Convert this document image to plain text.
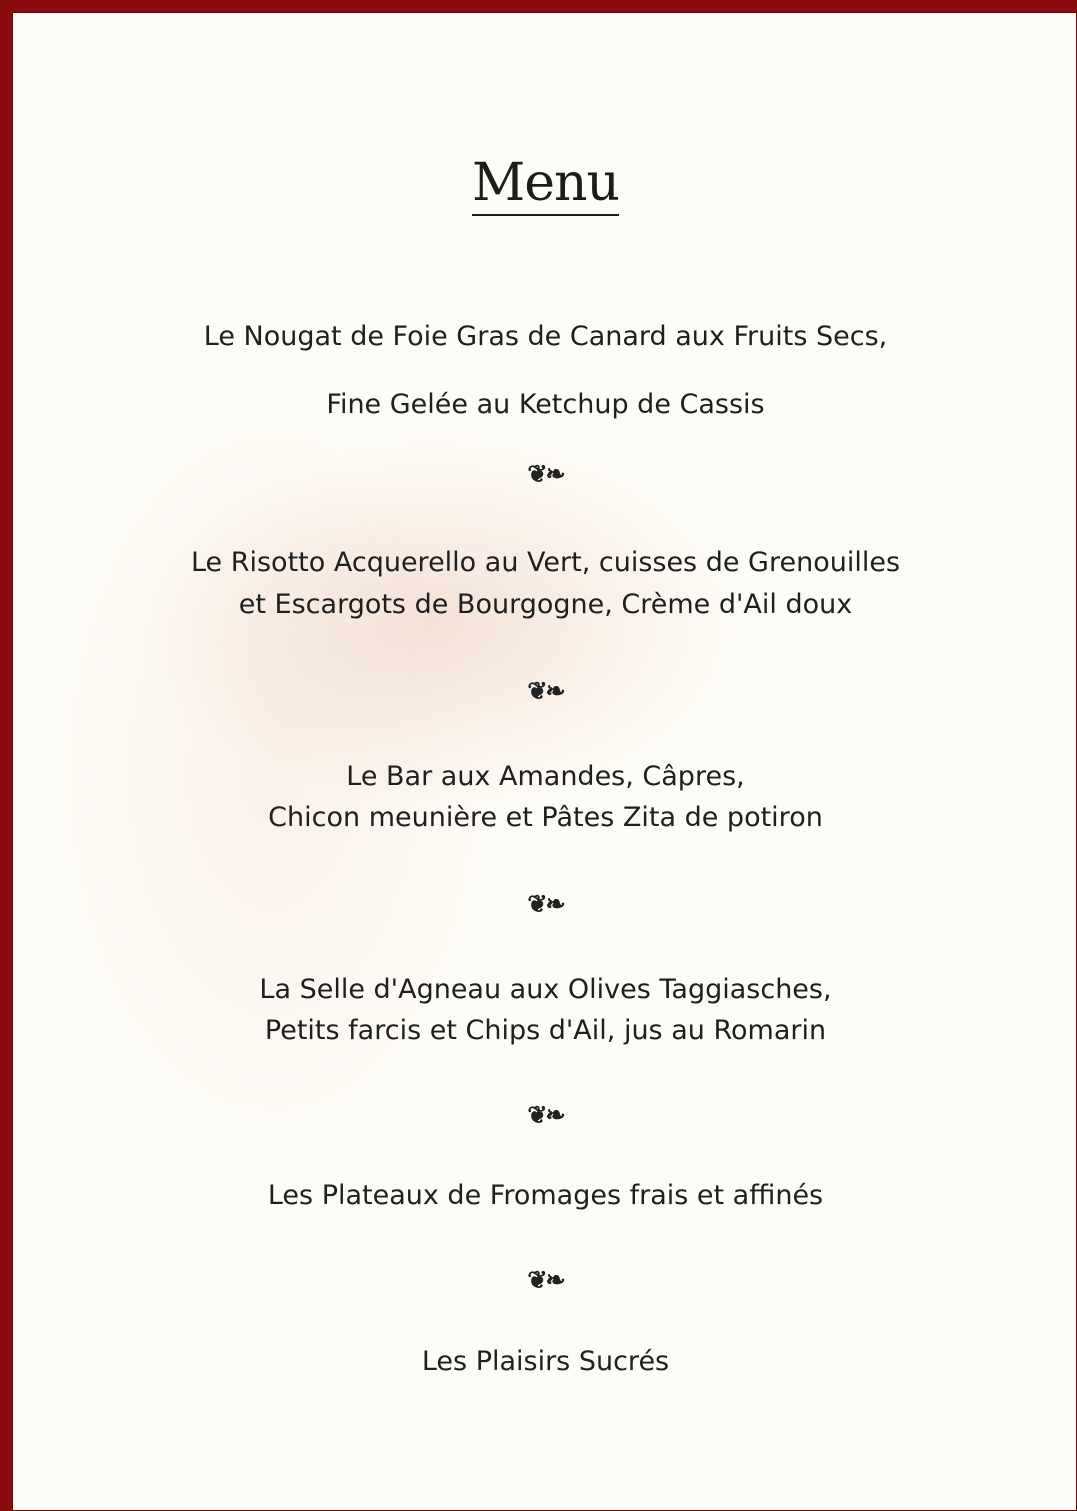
Menu
Le Nougat de Foie Gras de Canard aux Fruits Secs,
Fine Gelée au Ketchup de Cassis
❦❧
Le Risotto Acquerello au Vert, cuisses de Grenouilles
et Escargots de Bourgogne, Crème d'Ail doux
❦❧
Le Bar aux Amandes, Câpres,
Chicon meunière et Pâtes Zita de potiron
❦❧
La Selle d'Agneau aux Olives Taggiasches,
Petits farcis et Chips d'Ail, jus au Romarin
❦❧
Les Plateaux de Fromages frais et affinés
❦❧
Les Plaisirs Sucrés
